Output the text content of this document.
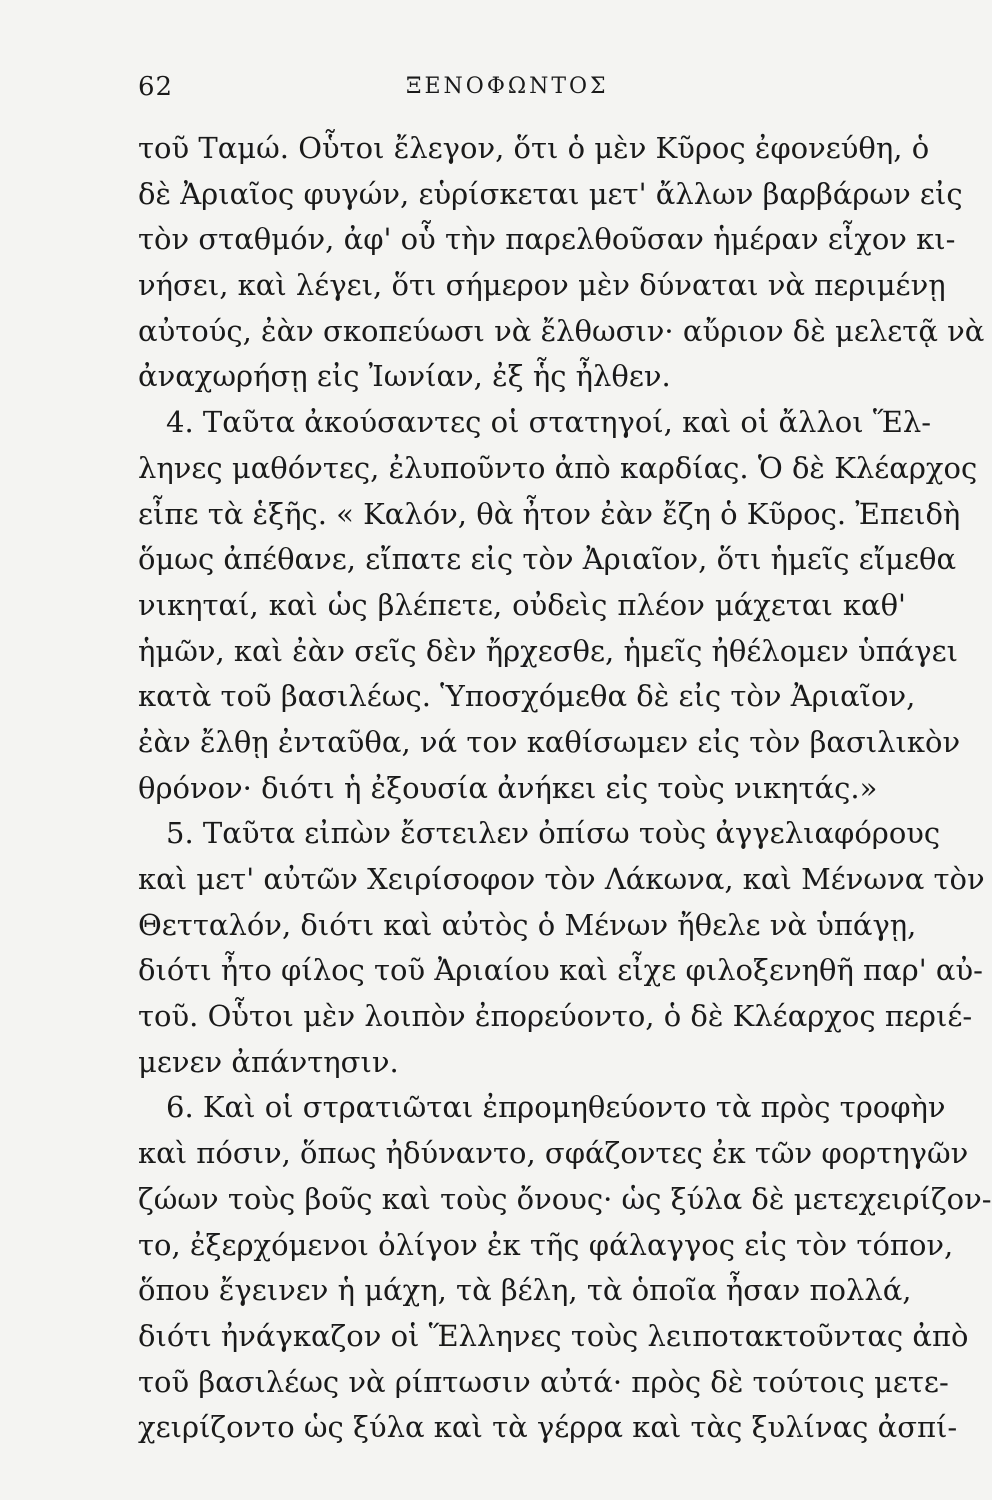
62	ΞΕΝΟΦΩΝΤΟΣ
τοῦ Ταμώ. Οὗτοι ἔλεγον, ὅτι ὁ μὲν Κῦρος ἐφονεύθη, ὁ
δὲ Ἀριαῖος φυγών, εὑρίσκεται μετ' ἄλλων βαρβάρων εἰς
τὸν σταθμόν, ἀφ' οὗ τὴν παρελθοῦσαν ἡμέραν εἶχον κι-
νήσει, καὶ λέγει, ὅτι σήμερον μὲν δύναται νὰ περιμένῃ
αὐτούς, ἐὰν σκοπεύωσι νὰ ἔλθωσιν· αὔριον δὲ μελετᾷ νὰ
ἀναχωρήσῃ εἰς Ἰωνίαν, ἐξ ἧς ἦλθεν.
4. Ταῦτα ἀκούσαντες οἱ στατηγοί, καὶ οἱ ἄλλοι Ἕλ-
ληνες μαθόντες, ἐλυποῦντο ἀπὸ καρδίας. Ὁ δὲ Κλέαρχος
εἶπε τὰ ἑξῆς. « Καλόν, θὰ ἦτον ἐὰν ἔζη ὁ Κῦρος. Ἐπειδὴ
ὅμως ἀπέθανε, εἴπατε εἰς τὸν Ἀριαῖον, ὅτι ἡμεῖς εἴμεθα
νικηταί, καὶ ὡς βλέπετε, οὐδεὶς πλέον μάχεται καθ'
ἡμῶν, καὶ ἐὰν σεῖς δὲν ἤρχεσθε, ἡμεῖς ἠθέλομεν ὑπάγει
κατὰ τοῦ βασιλέως. Ὑποσχόμεθα δὲ εἰς τὸν Ἀριαῖον,
ἐὰν ἔλθῃ ἐνταῦθα, νά τον καθίσωμεν εἰς τὸν βασιλικὸν
θρόνον· διότι ἡ ἐξουσία ἀνήκει εἰς τοὺς νικητάς.»
5. Ταῦτα εἰπὼν ἔστειλεν ὀπίσω τοὺς ἀγγελιαφόρους
καὶ μετ' αὐτῶν Χειρίσοφον τὸν Λάκωνα, καὶ Μένωνα τὸν
Θετταλόν, διότι καὶ αὐτὸς ὁ Μένων ἤθελε νὰ ὑπάγῃ,
διότι ἦτο φίλος τοῦ Ἀριαίου καὶ εἶχε φιλοξενηθῆ παρ' αὐ-
τοῦ. Οὗτοι μὲν λοιπὸν ἐπορεύοντο, ὁ δὲ Κλέαρχος περιέ-
μενεν ἀπάντησιν.
6. Καὶ οἱ στρατιῶται ἐπρομηθεύοντο τὰ πρὸς τροφὴν
καὶ πόσιν, ὅπως ἠδύναντο, σφάζοντες ἐκ τῶν φορτηγῶν
ζώων τοὺς βοῦς καὶ τοὺς ὄνους· ὡς ξύλα δὲ μετεχειρίζον-
το, ἐξερχόμενοι ὀλίγον ἐκ τῆς φάλαγγος εἰς τὸν τόπον,
ὅπου ἔγεινεν ἡ μάχη, τὰ βέλη, τὰ ὁποῖα ἦσαν πολλά,
διότι ἠνάγκαζον οἱ Ἕλληνες τοὺς λειποτακτοῦντας ἀπὸ
τοῦ βασιλέως νὰ ρίπτωσιν αὐτά· πρὸς δὲ τούτοις μετε-
χειρίζοντο ὡς ξύλα καὶ τὰ γέρρα καὶ τὰς ξυλίνας ἀσπί-
